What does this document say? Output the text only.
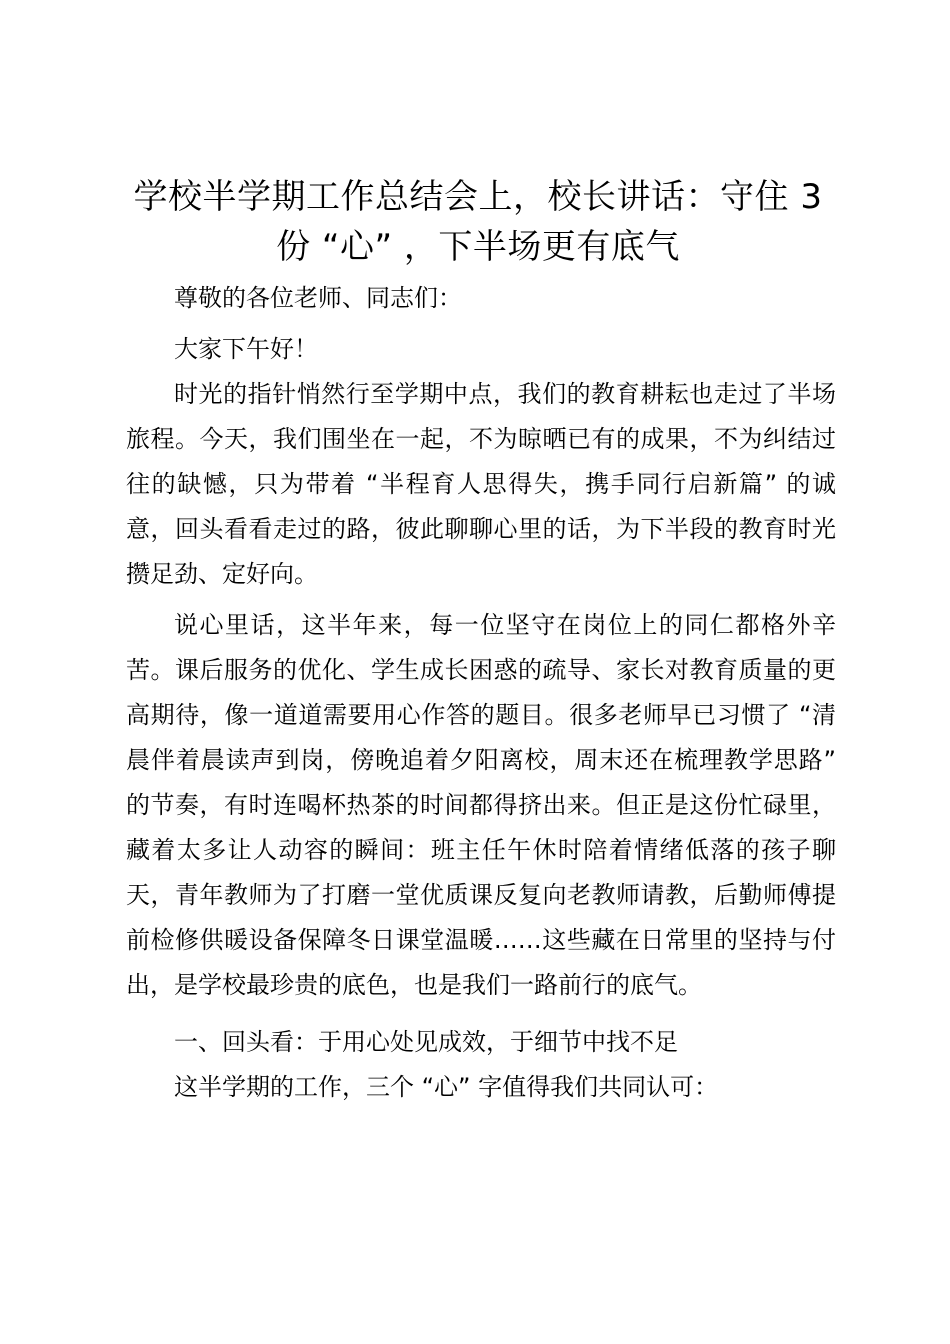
学校半学期工作总结会上，校长讲话：守住 3 份 “心” ，下半场更有底气

尊敬的各位老师、同志们：

大家下午好！

时光的指针悄然行至学期中点，我们的教育耕耘也走过了半场旅程。今天，我们围坐在一起，不为晾晒已有的成果，不为纠结过往的缺憾，只为带着 “半程育人思得失，携手同行启新篇” 的诚意，回头看看走过的路，彼此聊聊心里的话，为下半段的教育时光攒足劲、定好向。

说心里话，这半年来，每一位坚守在岗位上的同仁都格外辛苦。课后服务的优化、学生成长困惑的疏导、家长对教育质量的更高期待，像一道道需要用心作答的题目。很多老师早已习惯了 “清晨伴着晨读声到岗，傍晚追着夕阳离校，周末还在梳理教学思路” 的节奏，有时连喝杯热茶的时间都得挤出来。但正是这份忙碌里，藏着太多让人动容的瞬间：班主任午休时陪着情绪低落的孩子聊天，青年教师为了打磨一堂优质课反复向老教师请教，后勤师傅提前检修供暖设备保障冬日课堂温暖……这些藏在日常里的坚持与付出，是学校最珍贵的底色，也是我们一路前行的底气。

一、回头看：于用心处见成效，于细节中找不足

这半学期的工作，三个 “心” 字值得我们共同认可：
